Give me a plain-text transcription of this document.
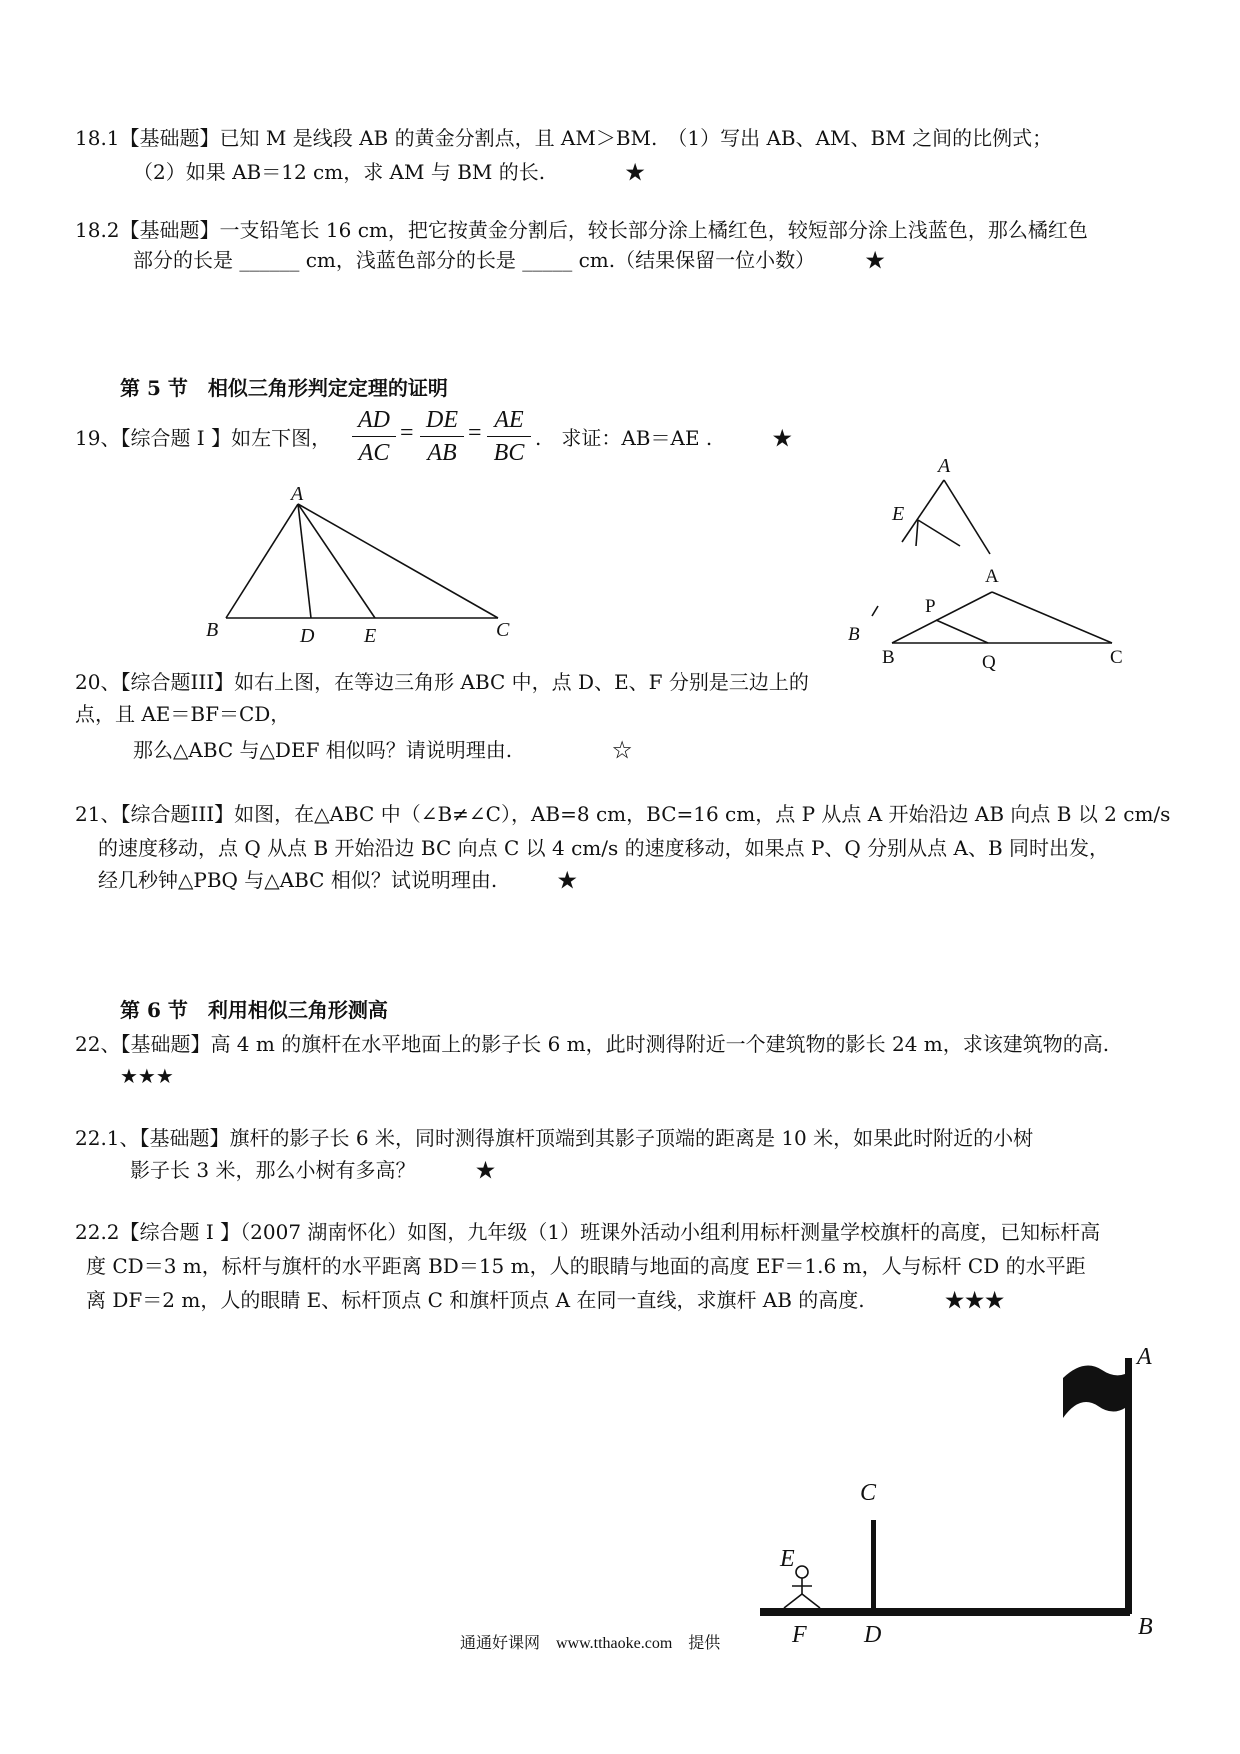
18.1【基础题】已知 M 是线段 AB 的黄金分割点，且 AM＞BM.　（1）写出 AB、AM、BM 之间的比例式；
（2）如果 AB＝12 cm，求 AM 与 BM 的长.　　　　★
18.2【基础题】一支铅笔长 16 cm，把它按黄金分割后，较长部分涂上橘红色，较短部分涂上浅蓝色，那么橘红色
部分的长是 ______ cm，浅蓝色部分的长是 _____ cm.（结果保留一位小数）　　　★
第 5 节　相似三角形判定定理的证明
19、【综合题 I 】如左下图，
AD
AC
= DE
AB
= AE
BC
.　求证：AB＝AE .　　　★
A
B	D E	C
A
E
A
P
B	Q	C
B
20、【综合题III】如右上图，在等边三角形 ABC 中，点 D、E、F 分别是三边上的
点，且 AE＝BF＝CD，
那么△ABC 与△DEF 相似吗？请说明理由.　　　　　☆
21、【综合题III】如图，在△ABC 中（∠B≠∠C），AB=8 cm，BC=16 cm，点 P 从点 A 开始沿边 AB 向点 B 以 2 cm/s
的速度移动，点 Q 从点 B 开始沿边 BC 向点 C 以 4 cm/s 的速度移动，如果点 P、Q 分别从点 A、B 同时出发，
经几秒钟△PBQ 与△ABC 相似？试说明理由.　　　★
第 6 节　利用相似三角形测高
22、【基础题】高 4 m 的旗杆在水平地面上的影子长 6 m，此时测得附近一个建筑物的影长 24 m，求该建筑物的高.
★★★
22.1、【基础题】旗杆的影子长 6 米，同时测得旗杆顶端到其影子顶端的距离是 10 米，如果此时附近的小树
影子长 3 米，那么小树有多高？　　　★
22.2【综合题 I 】（2007 湖南怀化）如图，九年级（1）班课外活动小组利用标杆测量学校旗杆的高度，已知标杆高
度 CD＝3 m，标杆与旗杆的水平距离 BD＝15 m，人的眼睛与地面的高度 EF＝1.6 m，人与标杆 CD 的水平距
离 DF＝2 m，人的眼睛 E、标杆顶点 C 和旗杆顶点 A 在同一直线，求旗杆 AB 的高度.　　　　★★★
A
B
C
D
E
F
通通好课网　www.tthaoke.com　提供
